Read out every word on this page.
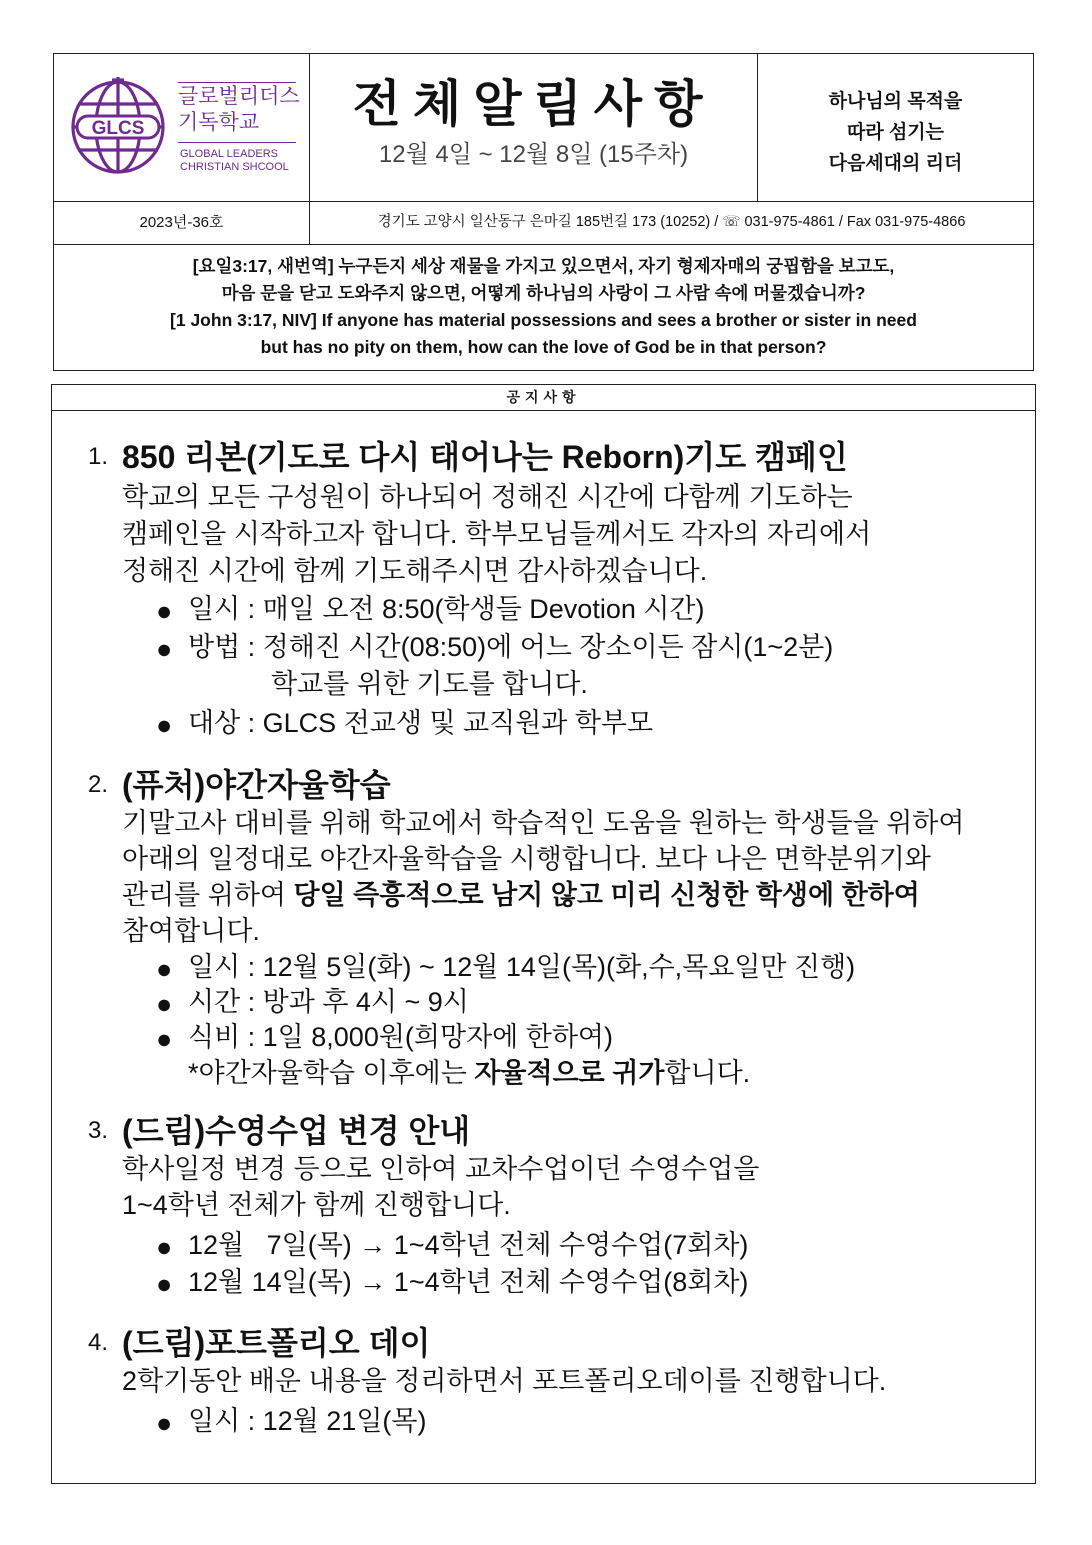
GLCS
글로벌리더스
기독학교
GLOBAL LEADERS
CHRISTIAN SHCOOL
전체알림사항
12월 4일 ~ 12월 8일 (15주차)
하나님의 목적을
따라 섬기는
다음세대의 리더
2023년-36호	경기도 고양시 일산동구 은마길 185번길 173 (10252) / ☏ 031-975-4861 / Fax 031-975-4866
[요일3:17, 새번역] 누구든지 세상 재물을 가지고 있으면서, 자기 형제자매의 궁핍함을 보고도,
마음 문을 닫고 도와주지 않으면, 어떻게 하나님의 사랑이 그 사람 속에 머물겠습니까?
[1 John 3:17, NIV] If anyone has material possessions and sees a brother or sister in need
but has no pity on them, how can the love of God be in that person?
공지사항
1. 850 리본(기도로 다시 태어나는 Reborn)기도 캠페인
학교의 모든 구성원이 하나되어 정해진 시간에 다함께 기도하는
캠페인을 시작하고자 합니다. 학부모님들께서도 각자의 자리에서
정해진 시간에 함께 기도해주시면 감사하겠습니다.
● 일시 : 매일 오전 8:50(학생들 Devotion 시간)
● 방법 : 정해진 시간(08:50)에 어느 장소이든 잠시(1~2분)
학교를 위한 기도를 합니다.
● 대상 : GLCS 전교생 및 교직원과 학부모
2. (퓨처)야간자율학습
기말고사 대비를 위해 학교에서 학습적인 도움을 원하는 학생들을 위하여
아래의 일정대로 야간자율학습을 시행합니다. 보다 나은 면학분위기와
관리를 위하여 당일 즉흥적으로 남지 않고 미리 신청한 학생에 한하여
참여합니다.
● 일시 : 12월 5일(화) ~ 12월 14일(목)(화,수,목요일만 진행)
● 시간 : 방과 후 4시 ~ 9시
● 식비 : 1일 8,000원(희망자에 한하여)
*야간자율학습 이후에는 자율적으로 귀가합니다.
3. (드림)수영수업 변경 안내
학사일정 변경 등으로 인하여 교차수업이던 수영수업을
1~4학년 전체가 함께 진행합니다.
● 12월   7일(목) → 1~4학년 전체 수영수업(7회차)
● 12월 14일(목) → 1~4학년 전체 수영수업(8회차)
4. (드림)포트폴리오 데이
2학기동안 배운 내용을 정리하면서 포트폴리오데이를 진행합니다.
● 일시 : 12월 21일(목)
